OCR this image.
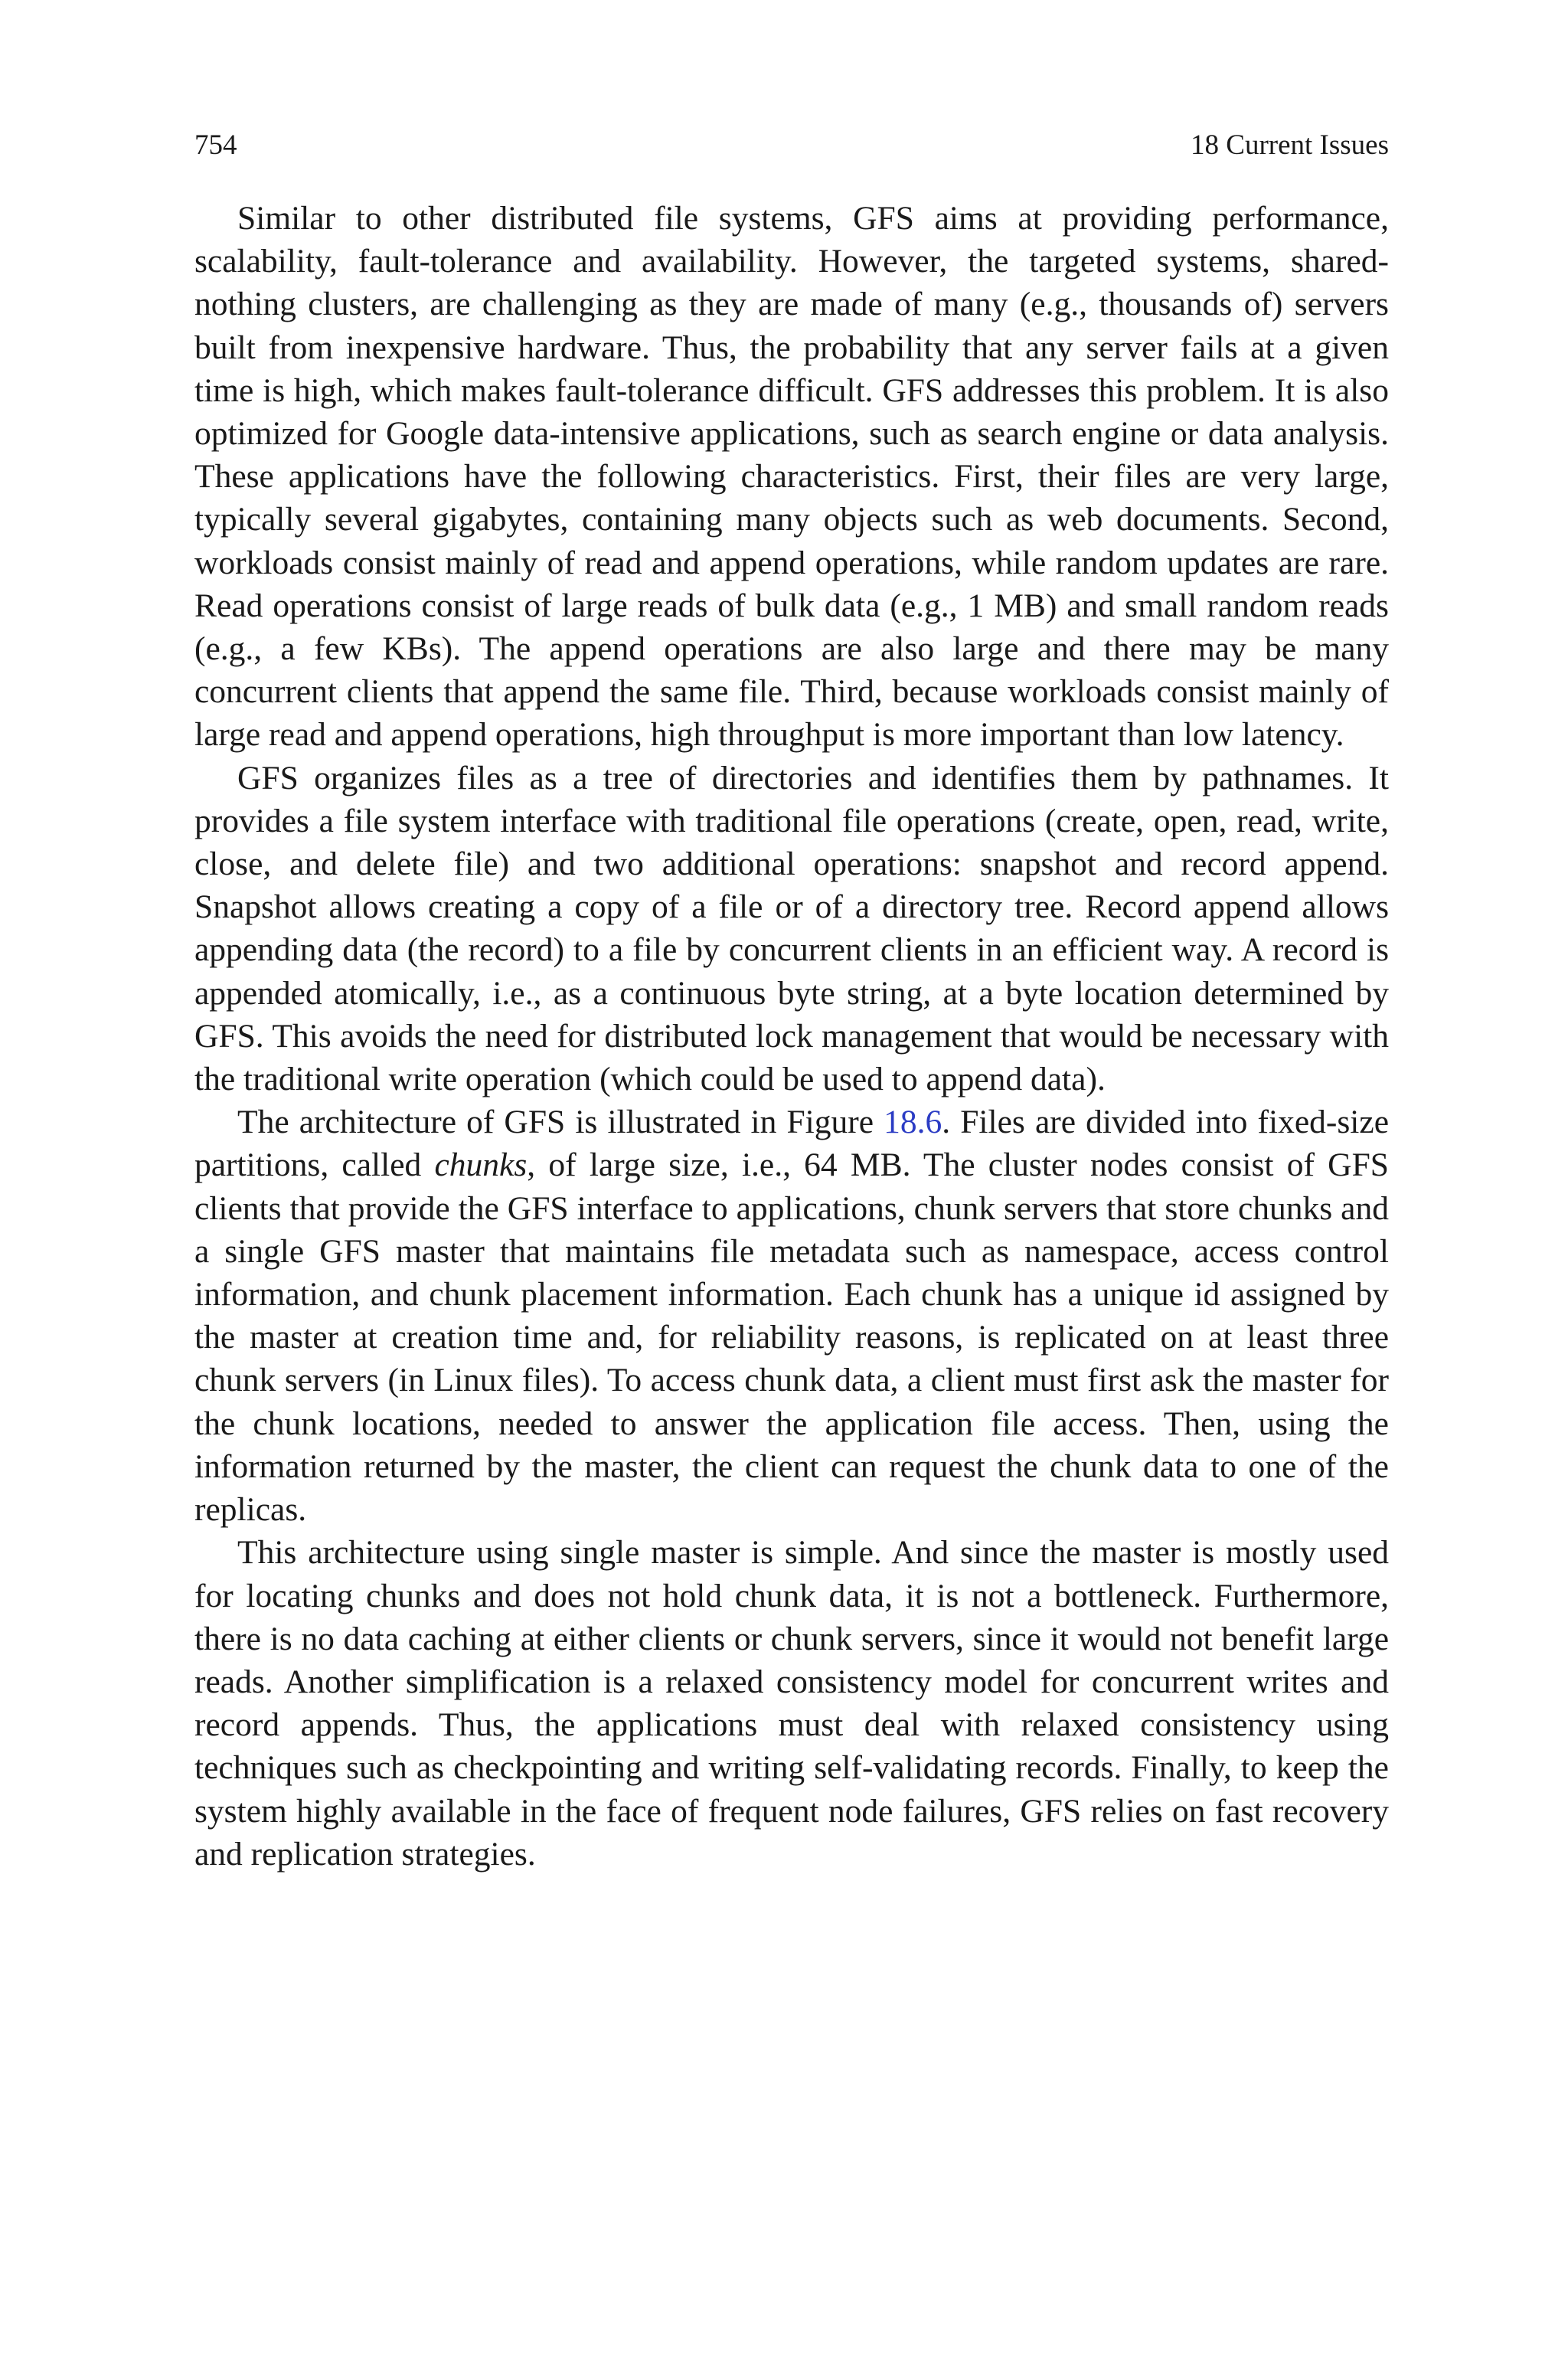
754	18 Current Issues

Similar to other distributed file systems, GFS aims at providing performance, scalability, fault-tolerance and availability. However, the targeted systems, shared-nothing clusters, are challenging as they are made of many (e.g., thousands of) servers built from inexpensive hardware. Thus, the probability that any server fails at a given time is high, which makes fault-tolerance difficult. GFS addresses this problem. It is also optimized for Google data-intensive applications, such as search engine or data analysis. These applications have the following characteristics. First, their files are very large, typically several gigabytes, containing many objects such as web documents. Second, workloads consist mainly of read and append operations, while random updates are rare. Read operations consist of large reads of bulk data (e.g., 1 MB) and small random reads (e.g., a few KBs). The append operations are also large and there may be many concurrent clients that append the same file. Third, because workloads consist mainly of large read and append operations, high throughput is more important than low latency.

GFS organizes files as a tree of directories and identifies them by pathnames. It provides a file system interface with traditional file operations (create, open, read, write, close, and delete file) and two additional operations: snapshot and record append. Snapshot allows creating a copy of a file or of a directory tree. Record append allows appending data (the record) to a file by concurrent clients in an efficient way. A record is appended atomically, i.e., as a continuous byte string, at a byte location determined by GFS. This avoids the need for distributed lock management that would be necessary with the traditional write operation (which could be used to append data).

The architecture of GFS is illustrated in Figure 18.6. Files are divided into fixed-size partitions, called chunks, of large size, i.e., 64 MB. The cluster nodes consist of GFS clients that provide the GFS interface to applications, chunk servers that store chunks and a single GFS master that maintains file metadata such as namespace, access control information, and chunk placement information. Each chunk has a unique id assigned by the master at creation time and, for reliability reasons, is replicated on at least three chunk servers (in Linux files). To access chunk data, a client must first ask the master for the chunk locations, needed to answer the application file access. Then, using the information returned by the master, the client can request the chunk data to one of the replicas.

This architecture using single master is simple. And since the master is mostly used for locating chunks and does not hold chunk data, it is not a bottleneck. Furthermore, there is no data caching at either clients or chunk servers, since it would not benefit large reads. Another simplification is a relaxed consistency model for concurrent writes and record appends. Thus, the applications must deal with relaxed consistency using techniques such as checkpointing and writing self-validating records. Finally, to keep the system highly available in the face of frequent node failures, GFS relies on fast recovery and replication strategies.
